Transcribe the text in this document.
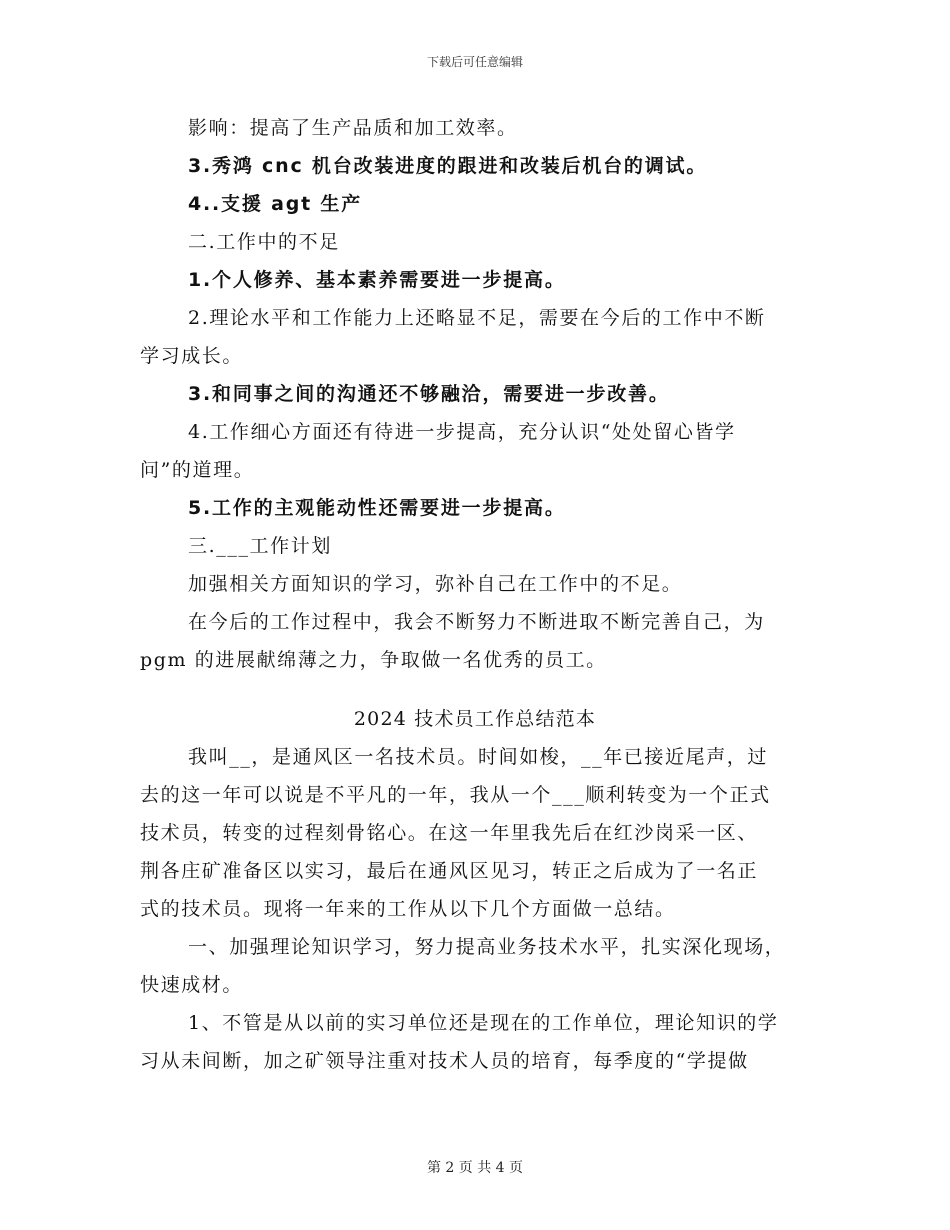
下载后可任意编辑
影响：提高了生产品质和加工效率。
3.秀鸿 cnc 机台改装进度的跟进和改装后机台的调试。
4..支援 agt 生产
二.工作中的不足
1.个人修养、基本素养需要进一步提高。
2.理论水平和工作能力上还略显不足，需要在今后的工作中不断
学习成长。
3.和同事之间的沟通还不够融洽，需要进一步改善。
4.工作细心方面还有待进一步提高，充分认识“处处留心皆学
问”的道理。
5.工作的主观能动性还需要进一步提高。
三.___工作计划
加强相关方面知识的学习，弥补自己在工作中的不足。
在今后的工作过程中，我会不断努力不断进取不断完善自己，为
pgm 的进展献绵薄之力，争取做一名优秀的员工。
2024 技术员工作总结范本
我叫__，是通风区一名技术员。时间如梭，__年已接近尾声，过
去的这一年可以说是不平凡的一年，我从一个___顺利转变为一个正式
技术员，转变的过程刻骨铭心。在这一年里我先后在红沙岗采一区、
荆各庄矿准备区以实习，最后在通风区见习，转正之后成为了一名正
式的技术员。现将一年来的工作从以下几个方面做一总结。
一、加强理论知识学习，努力提高业务技术水平，扎实深化现场，
快速成材。
1、不管是从以前的实习单位还是现在的工作单位，理论知识的学
习从未间断，加之矿领导注重对技术人员的培育，每季度的“学提做
第 2 页 共 4 页
